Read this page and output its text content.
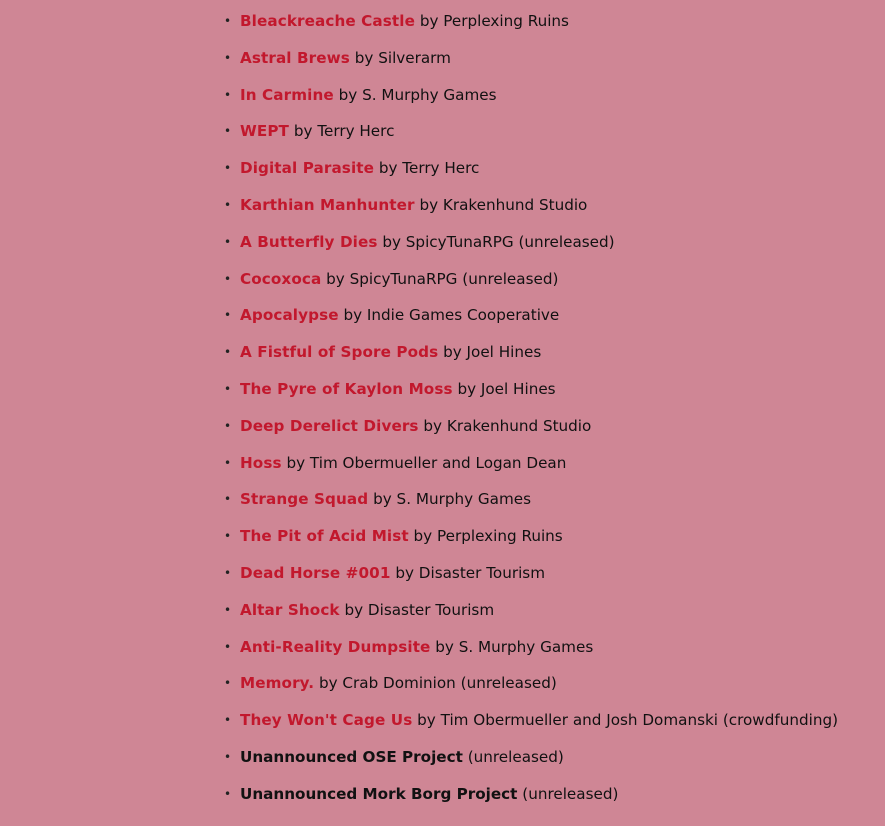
• Bleackreache Castle by Perplexing Ruins
• Astral Brews by Silverarm
• In Carmine by S. Murphy Games
• WEPT by Terry Herc
• Digital Parasite by Terry Herc
• Karthian Manhunter by Krakenhund Studio
• A Butterfly Dies by SpicyTunaRPG (unreleased)
• Cocoxoca by SpicyTunaRPG (unreleased)
• Apocalypse by Indie Games Cooperative
• A Fistful of Spore Pods by Joel Hines
• The Pyre of Kaylon Moss by Joel Hines
• Deep Derelict Divers by Krakenhund Studio
• Hoss by Tim Obermueller and Logan Dean
• Strange Squad by S. Murphy Games
• The Pit of Acid Mist by Perplexing Ruins
• Dead Horse #001 by Disaster Tourism
• Altar Shock by Disaster Tourism
• Anti-Reality Dumpsite by S. Murphy Games
• Memory. by Crab Dominion (unreleased)
• They Won't Cage Us by Tim Obermueller and Josh Domanski (crowdfunding)
• Unannounced OSE Project (unreleased)
• Unannounced Mork Borg Project (unreleased)
